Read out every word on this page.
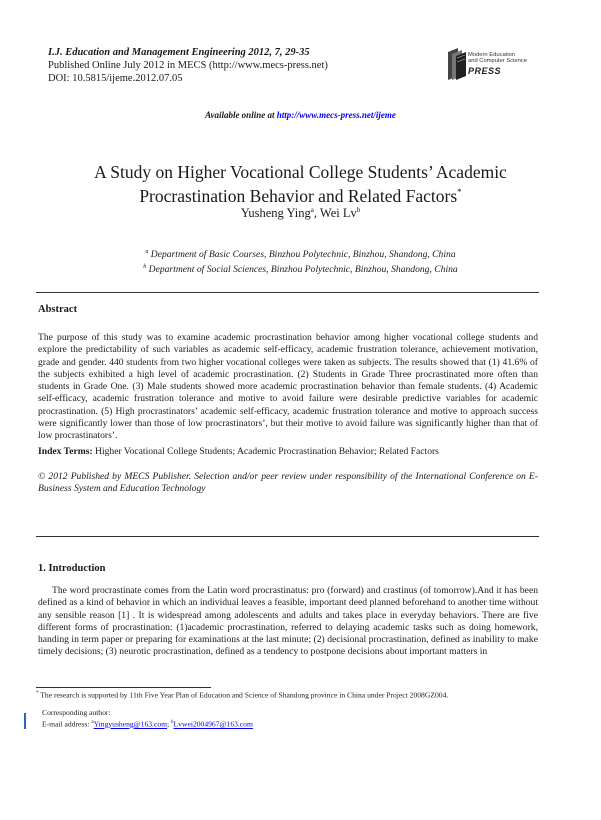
I.J. Education and Management Engineering 2012, 7, 29-35
Published Online July 2012 in MECS (http://www.mecs-press.net)
DOI: 10.5815/ijeme.2012.07.05
Modern Education
and Computer Science
PRESS
Available online at http://www.mecs-press.net/ijeme
A Study on Higher Vocational College Students’ Academic
Procrastination Behavior and Related Factors*
Yusheng Ying$^a$, Wei Lv$^b$
$^a$ Department of Basic Courses, Binzhou Polytechnic, Binzhou, Shandong, China
$^b$ Department of Social Sciences, Binzhou Polytechnic, Binzhou, Shandong, China
Abstract
The purpose of this study was to examine academic procrastination behavior among higher vocational college students and explore the predictability of such variables as academic self-efficacy, academic frustration tolerance, achievement motivation, grade and gender. 440 students from two higher vocational colleges were taken as subjects. The results showed that (1) 41.6% of the subjects exhibited a high level of academic procrastination. (2) Students in Grade Three procrastinated more often than students in Grade One. (3) Male students showed more academic procrastination behavior than female students. (4) Academic self-efficacy, academic frustration tolerance and motive to avoid failure were desirable predictive variables for academic procrastination. (5) High procrastinators’ academic self-efficacy, academic frustration tolerance and motive to approach success were significantly lower than those of low procrastinators’, but their motive to avoid failure was significantly higher than that of low procrastinators’.
Index Terms: Higher Vocational College Students; Academic Procrastination Behavior; Related Factors
© 2012 Published by MECS Publisher. Selection and/or peer review under responsibility of the International Conference on E-Business System and Education Technology
1. Introduction
The word procrastinate comes from the Latin word procrastinatus: pro (forward) and crastinus (of tomorrow).And it has been defined as a kind of behavior in which an individual leaves a feasible, important deed planned beforehand to another time without any sensible reason [1] . It is widespread among adolescents and adults and takes place in everyday behaviors. There are five different forms of procrastination: (1)academic procrastination, referred to delaying academic tasks such as doing homework, handing in term paper or preparing for examinations at the last minute; (2) decisional procrastination, defined as inability to make timely decisions; (3) neurotic procrastination, defined as a tendency to postpone decisions about important matters in
* The research is supported by 11th Five Year Plan of Education and Science of Shandong province in China under Project 2008GZ004.
Corresponding author:
E-mail address: $^a$Yingyusheng@163.com; $^b$Lvwei2004967@163.com
